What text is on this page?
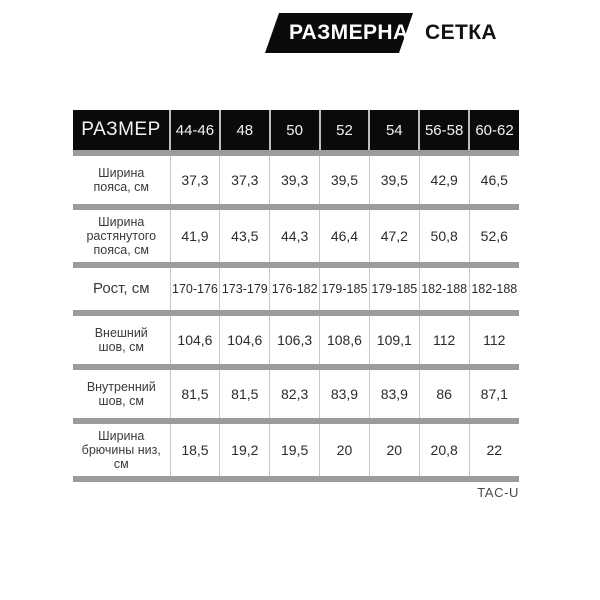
РАЗМЕРНАЯ СЕТКА
РАЗМЕР	44-46	48	50	52	54	56-58	60-62

Ширина
пояса, см	37,3	37,3	39,3	39,5	39,5	42,9	46,5

Ширина
растянутого
пояса, см	41,9	43,5	44,3	46,4	47,2	50,8	52,6

Рост, см	170-176	173-179	176-182	179-185	179-185	182-188	182-188

Внешний
шов, см	104,6	104,6	106,3	108,6	109,1	112	112

Внутренний
шов, см	81,5	81,5	82,3	83,9	83,9	86	87,1

Ширина
брючины низ,
см	18,5	19,2	19,5	20	20	20,8	22

TAC-U
